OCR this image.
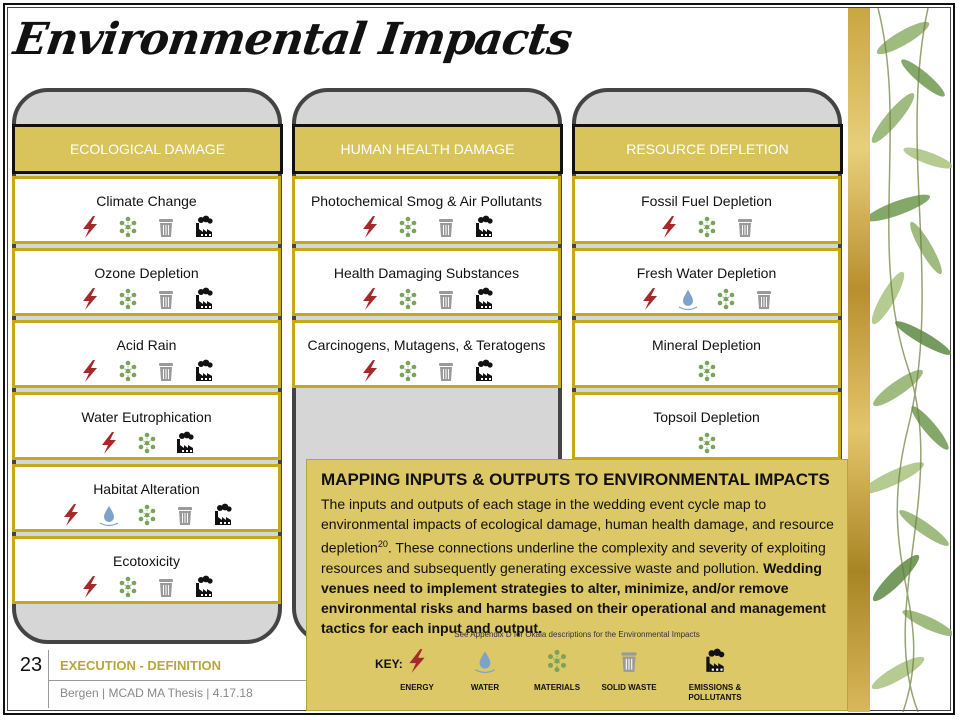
Environmental Impacts
ECOLOGICAL DAMAGE	HUMAN HEALTH DAMAGE	RESOURCE DEPLETION
Climate Change
Ozone Depletion
Acid Rain
Water Eutrophication
Habitat Alteration
Ecotoxicity
Photochemical Smog & Air Pollutants
Health Damaging Substances
Carcinogens, Mutagens, & Teratogens
Fossil Fuel Depletion
Fresh Water Depletion
Mineral Depletion
Topsoil Depletion
MAPPING INPUTS & OUTPUTS TO ENVIRONMENTAL IMPACTS
The inputs and outputs of each stage in the wedding event cycle map to environmental impacts of ecological damage, human health damage, and resource depletion$^{20}$. These connections underline the complexity and severity of exploiting resources and subsequently generating excessive waste and pollution. Wedding venues need to implement strategies to alter, minimize, and/or remove environmental risks and harms based on their operational and management tactics for each input and output.
See Appendix D for Okala descriptions for the Environmental Impacts
KEY:
ENERGY	WATER	MATERIALS	SOLID WASTE	EMISSIONS & POLLUTANTS
23 EXECUTION - DEFINITION
Bergen | MCAD MA Thesis | 4.17.18
